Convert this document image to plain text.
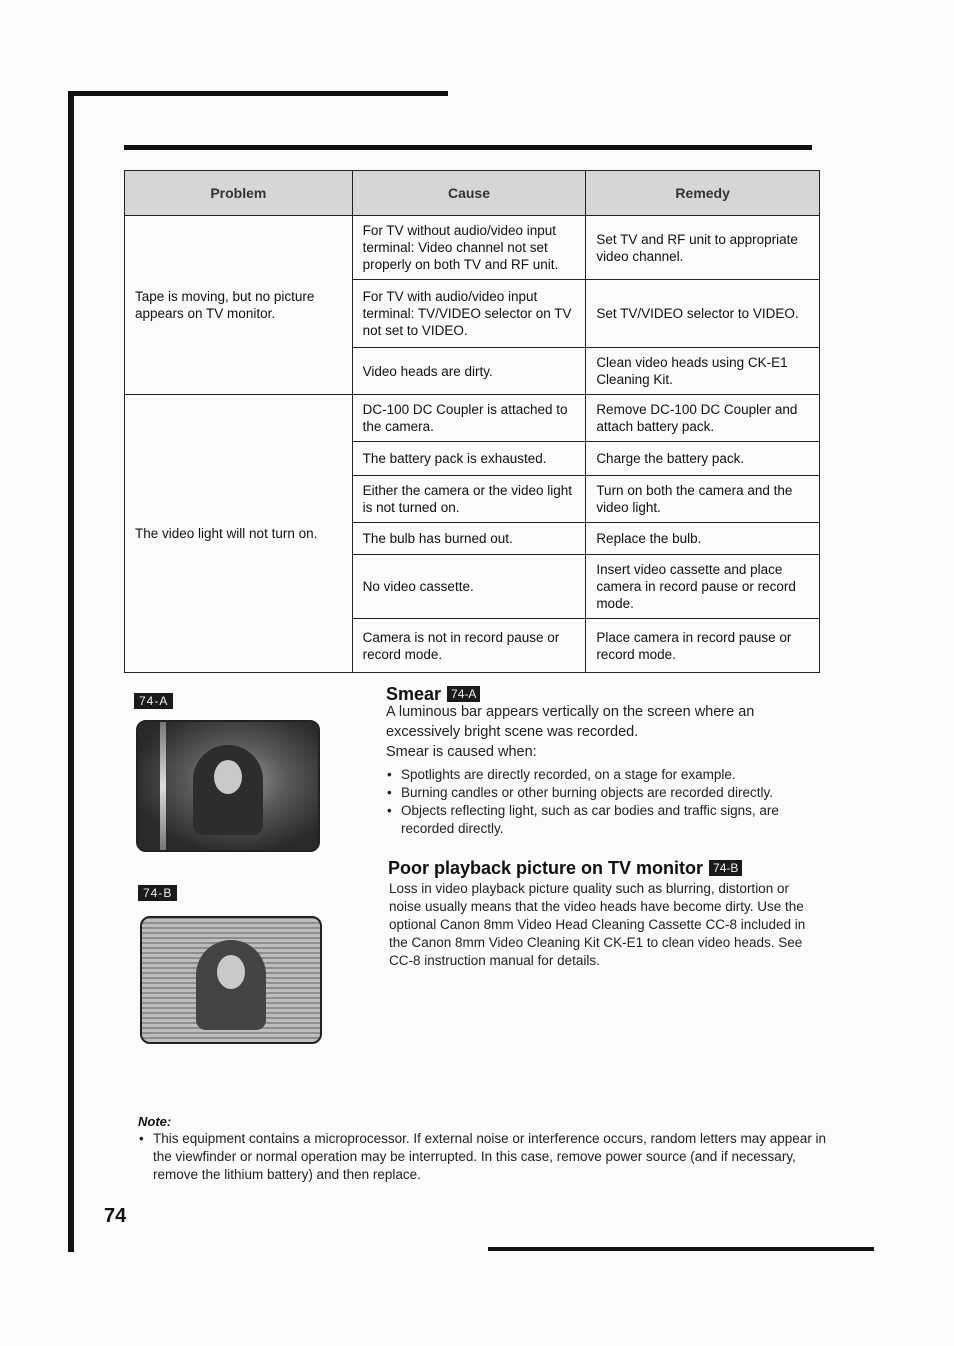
Problem	Cause	Remedy
Tape is moving, but no picture appears on TV monitor.	For TV without audio/video input terminal: Video channel not set properly on both TV and RF unit.	Set TV and RF unit to appropriate video channel.
	For TV with audio/video input terminal: TV/VIDEO selector on TV not set to VIDEO.	Set TV/VIDEO selector to VIDEO.
	Video heads are dirty.	Clean video heads using CK-E1 Cleaning Kit.
The video light will not turn on.	DC-100 DC Coupler is attached to the camera.	Remove DC-100 DC Coupler and attach battery pack.
	The battery pack is exhausted.	Charge the battery pack.
	Either the camera or the video light is not turned on.	Turn on both the camera and the video light.
	The bulb has burned out.	Replace the bulb.
	No video cassette.	Insert video cassette and place camera in record pause or record mode.
	Camera is not in record pause or record mode.	Place camera in record pause or record mode.
74-A
74-B
Smear 74-A

A luminous bar appears vertically on the screen where an excessively bright scene was recorded.

Smear is caused when:

• Spotlights are directly recorded, on a stage for example.
• Burning candles or other burning objects are recorded directly.
• Objects reflecting light, such as car bodies and traffic signs, are recorded directly.
Poor playback picture on TV monitor 74-B
Loss in video playback picture quality such as blurring, distortion or noise usually means that the video heads have become dirty. Use the optional Canon 8mm Video Head Cleaning Cassette CC-8 included in the Canon 8mm Video Cleaning Kit CK-E1 to clean video heads. See CC-8 instruction manual for details.
Note:
• This equipment contains a microprocessor. If external noise or interference occurs, random letters may appear in the viewfinder or normal operation may be interrupted. In this case, remove power source (and if necessary, remove the lithium battery) and then replace.
74
